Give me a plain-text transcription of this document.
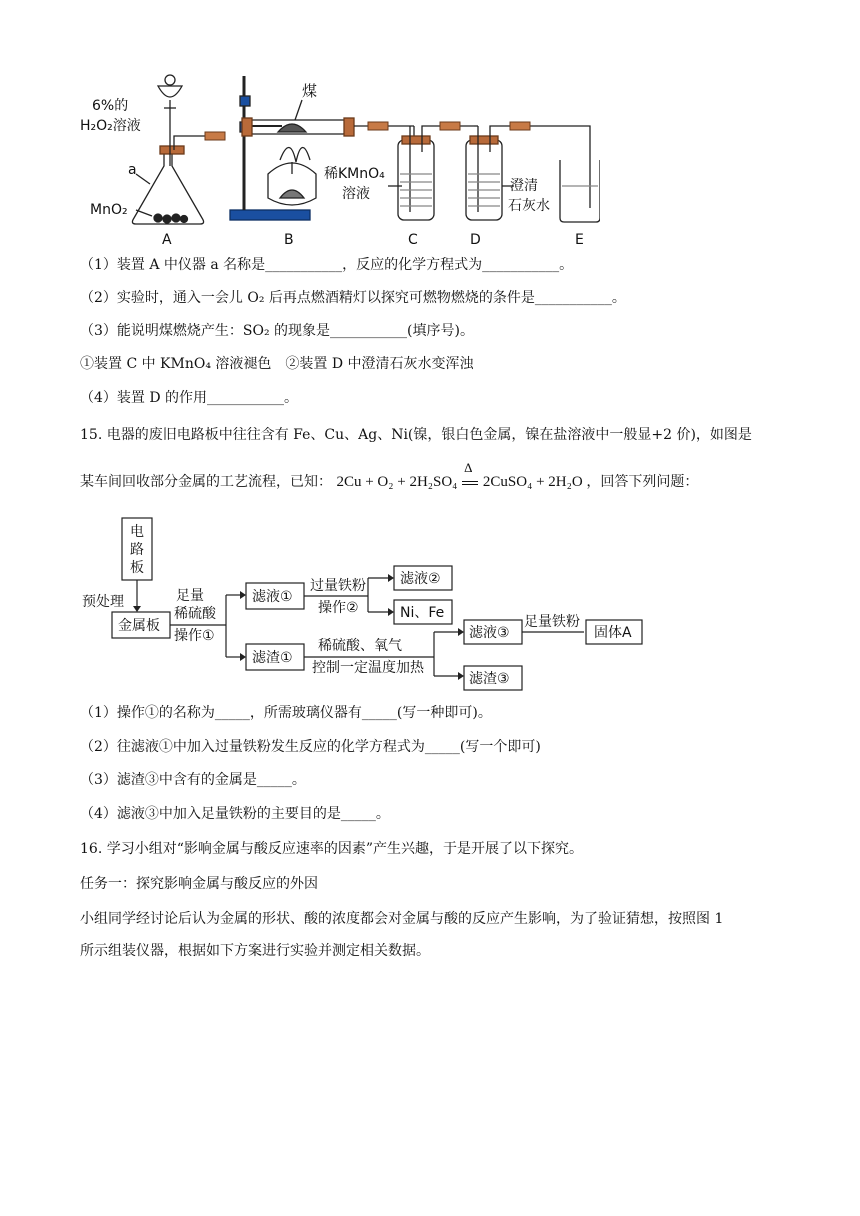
6%的
H₂O₂溶液
a
MnO₂
煤
稀KMnO₄
溶液	澄清
石灰水
A	B	C	D	E
（1）装置 A 中仪器 a 名称是___________，反应的化学方程式为___________。
（2）实验时，通入一会儿 O₂ 后再点燃酒精灯以探究可燃物燃烧的条件是___________。
（3）能说明煤燃烧产生：SO₂ 的现象是___________(填序号)。
①装置 C 中 KMnO₄ 溶液褪色　②装置 D 中澄清石灰水变浑浊
（4）装置 D 的作用___________。
15. 电器的废旧电路板中往往含有 Fe、Cu、Ag、Ni(镍，银白色金属，镍在盐溶液中一般显+2 价)，如图是
某车间回收部分金属的工艺流程，已知： 2Cu + O₂ + 2H₂SO₄
Δ
2CuSO₄ + 2H₂O ，回答下列问题：
电
路
板
预处理
金属板
足量
稀硫酸
操作①
滤液①
过量铁粉
操作②
滤液②
Ni、Fe
滤渣①
稀硫酸、氧气
控制一定温度加热
滤液③
滤渣③
足量铁粉
固体A
（1）操作①的名称为_____，所需玻璃仪器有_____(写一种即可)。
（2）往滤液①中加入过量铁粉发生反应的化学方程式为_____(写一个即可)
（3）滤渣③中含有的金属是_____。
（4）滤液③中加入足量铁粉的主要目的是_____。
16. 学习小组对“影响金属与酸反应速率的因素”产生兴趣，于是开展了以下探究。
任务一：探究影响金属与酸反应的外因
小组同学经讨论后认为金属的形状、酸的浓度都会对金属与酸的反应产生影响，为了验证猜想，按照图 1
所示组装仪器，根据如下方案进行实验并测定相关数据。
